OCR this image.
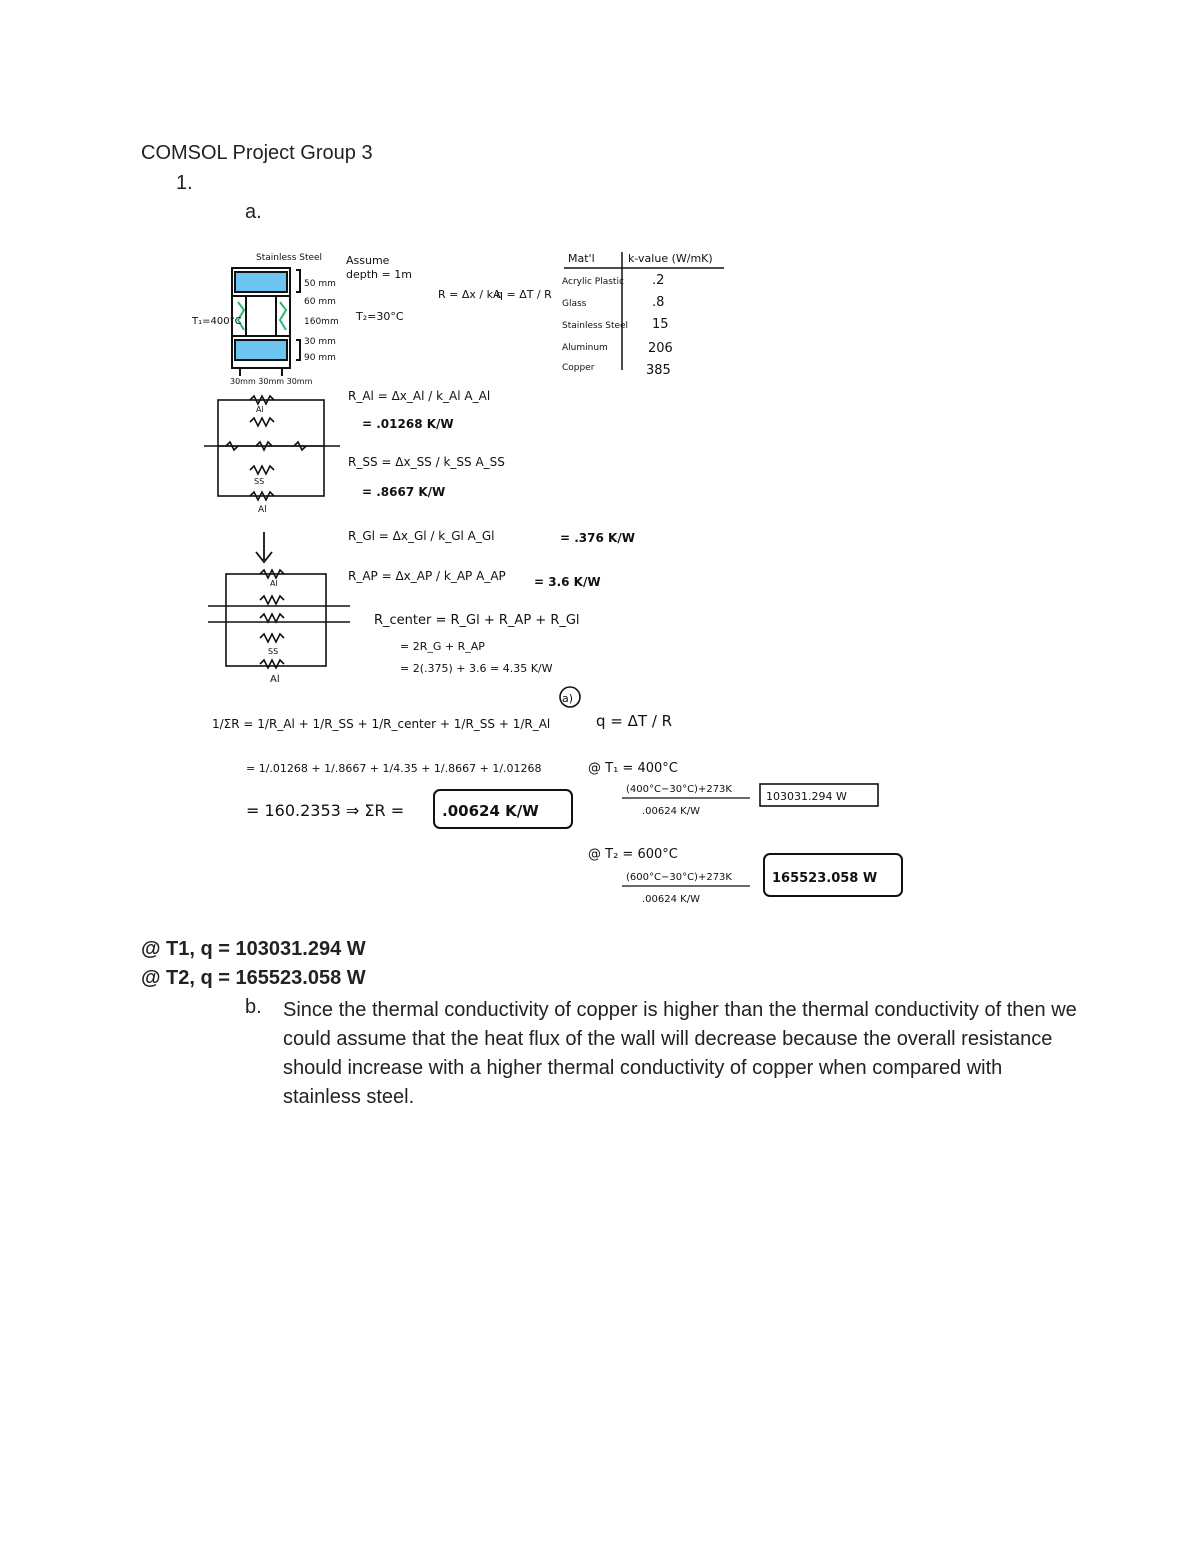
COMSOL Project Group 3
1.
a.
Stainless Steel
T₁=400°C
50 mm
60 mm
160mm
30 mm
90 mm
30mm 30mm 30mm
Assume
depth = 1m
T₂=30°C
R = Δx / kA
q = ΔT / R
Mat'l	k-value (W/mK)
Acrylic Plastic .2
Glass	.8
Stainless Steel 15
Aluminum	206
Copper	385
Al
SS
Al
Al
SS
Al
R_Al = Δx_Al / k_Al A_Al
= .01268 K/W
R_SS = Δx_SS / k_SS A_SS
= .8667 K/W
R_Gl = Δx_Gl / k_Gl A_Gl	= .376 K/W
R_AP = Δx_AP / k_AP A_AP = 3.6 K/W
R_center = R_Gl + R_AP + R_Gl
= 2R_G + R_AP
= 2(.375) + 3.6 = 4.35 K/W
1/ΣR = 1/R_Al + 1/R_SS + 1/R_center + 1/R_SS + 1/R_Al
= 1/.01268 + 1/.8667 + 1/4.35 + 1/.8667 + 1/.01268
= 160.2353 ⇒ ΣR =	.00624 K/W
a)
q = ΔT / R
@ T₁ = 400°C
(400°C−30°C)+273K
.00624 K/W
103031.294 W
@ T₂ = 600°C
(600°C−30°C)+273K
.00624 K/W
165523.058 W
@ T1, q = 103031.294 W
@ T2, q = 165523.058 W
b. Since the thermal conductivity of copper is higher than the thermal conductivity of then we could assume that the heat flux of the wall will decrease because the overall resistance should increase with a higher thermal conductivity of copper when compared with stainless steel.
